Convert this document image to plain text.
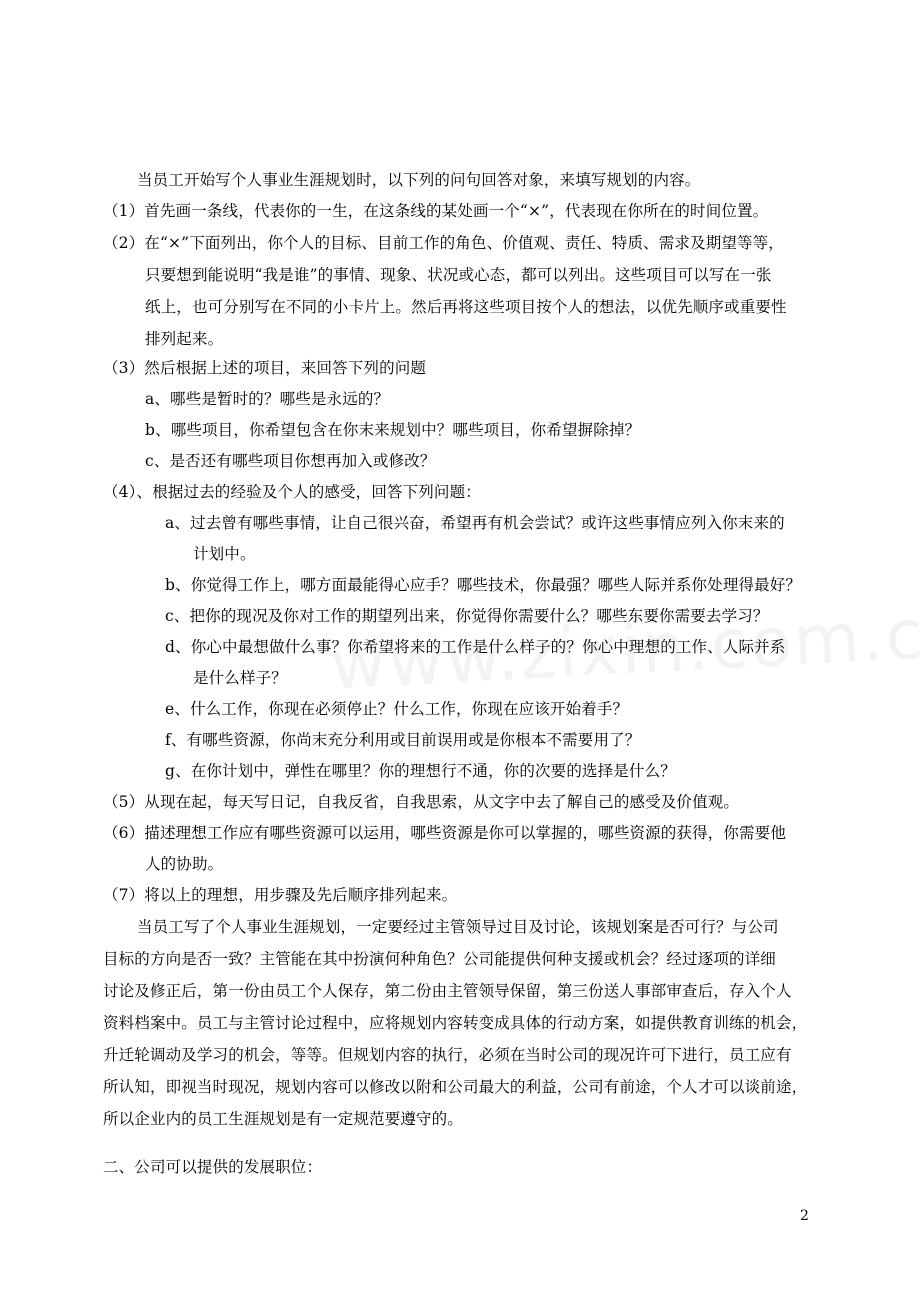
当员工开始写个人事业生涯规划时，以下列的问句回答对象，来填写规划的内容。
（1）首先画一条线，代表你的一生，在这条线的某处画一个“×”，代表现在你所在的时间位置。
（2）在“×”下面列出，你个人的目标、目前工作的角色、价值观、责任、特质、需求及期望等等，
只要想到能说明“我是谁”的事情、现象、状况或心态，都可以列出。这些项目可以写在一张
纸上，也可分别写在不同的小卡片上。然后再将这些项目按个人的想法，以优先顺序或重要性
排列起来。
（3）然后根据上述的项目，来回答下列的问题
a、哪些是暂时的？哪些是永远的？
b、哪些项目，你希望包含在你末来规划中？哪些项目，你希望摒除掉？
c、是否还有哪些项目你想再加入或修改？
（4）、根据过去的经验及个人的感受，回答下列问题：
a、过去曾有哪些事情，让自己很兴奋，希望再有机会尝试？或许这些事情应列入你末来的
计划中。
b、你觉得工作上，哪方面最能得心应手？哪些技术，你最强？哪些人际并系你处理得最好？
c、把你的现况及你对工作的期望列出来，你觉得你需要什么？哪些东要你需要去学习？
d、你心中最想做什么事？你希望将来的工作是什么样子的？你心中理想的工作、人际并系
是什么样子？
e、什么工作，你现在必须停止？什么工作，你现在应该开始着手？
f、有哪些资源，你尚末充分利用或目前误用或是你根本不需要用了？
g、在你计划中，弹性在哪里？你的理想行不通，你的次要的选择是什么？
（5）从现在起，每天写日记，自我反省，自我思索，从文字中去了解自己的感受及价值观。
（6）描述理想工作应有哪些资源可以运用，哪些资源是你可以掌握的，哪些资源的获得，你需要他
人的协助。
（7）将以上的理想，用步骤及先后顺序排列起来。
当员工写了个人事业生涯规划，一定要经过主管领导过目及讨论，该规划案是否可行？与公司
目标的方向是否一致？主管能在其中扮演何种角色？公司能提供何种支援或机会？经过逐项的详细
讨论及修正后，第一份由员工个人保存，第二份由主管领导保留，第三份送人事部审查后，存入个人
资料档案中。员工与主管讨论过程中，应将规划内容转变成具体的行动方案，如提供教育训练的机会，
升迁轮调动及学习的机会，等等。但规划内容的执行，必须在当时公司的现况许可下进行，员工应有
所认知，即视当时现况，规划内容可以修改以附和公司最大的利益，公司有前途，个人才可以谈前途，
所以企业内的员工生涯规划是有一定规范要遵守的。
二、公司可以提供的发展职位：
2
